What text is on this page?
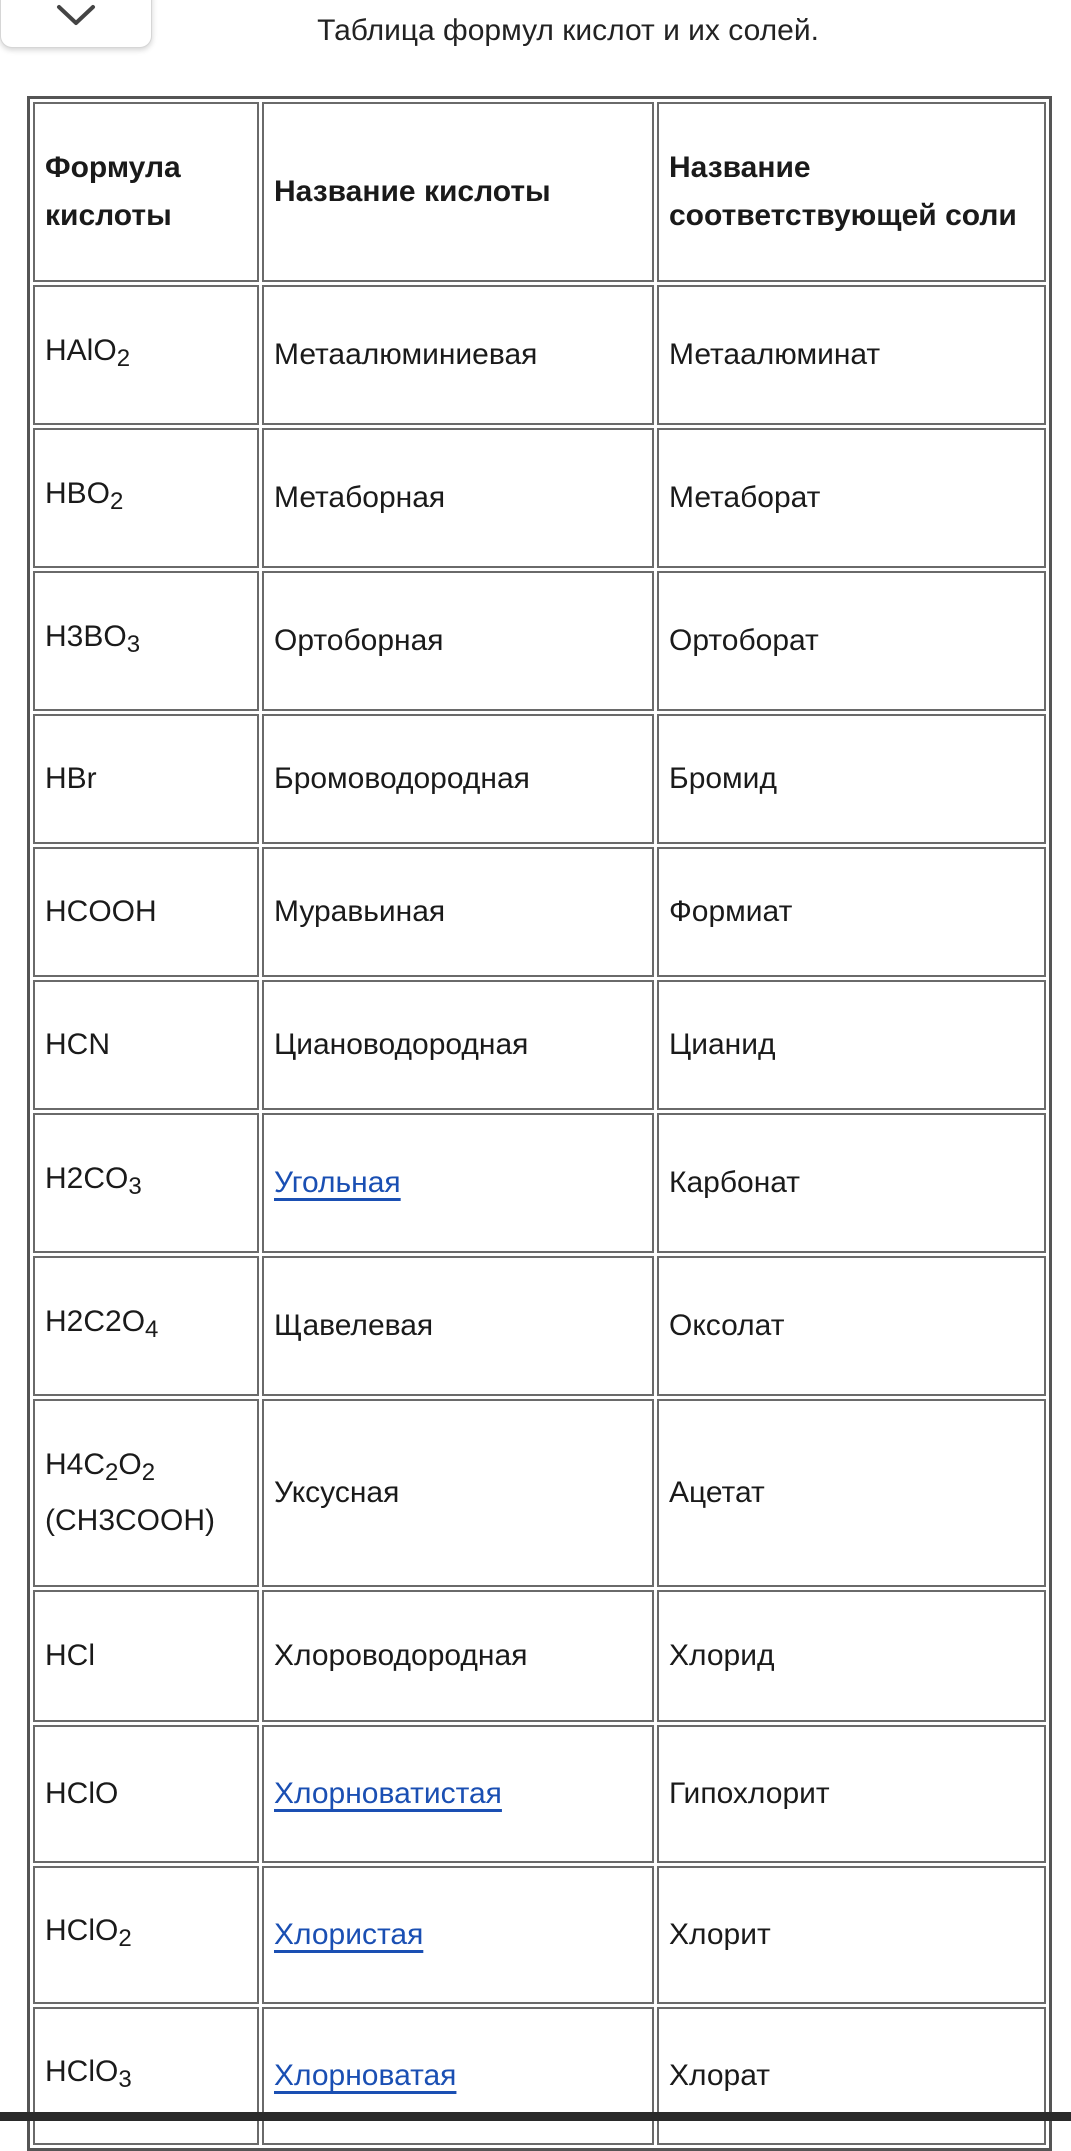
Таблица формул кислот и их солей.
Формула кислоты	Название кислоты	Название соответствующей соли
HAlO$_2$	Метаалюминиевая	Метаалюминат
$HBO_2$	Метаборная	Метаборат
$H3BO_3$	Ортоборная	Ортоборат
HBr	Бромоводородная	Бромид
HCOOH	Муравьиная	Формиат
HCN	Циановодородная	Цианид
$H2CO_3$	Угольная	Карбонат
$H2C2O_4$	Щавелевая	Оксолат
$H4C_2O_2$
(CH3COOH)	Уксусная	Ацетат
HCl	Хлороводородная	Хлорид
HClO	Хлорноватистая	Гипохлорит
HClO$_2$	Хлористая	Хлорит
HClO$_3$	Хлорноватая	Хлорат
